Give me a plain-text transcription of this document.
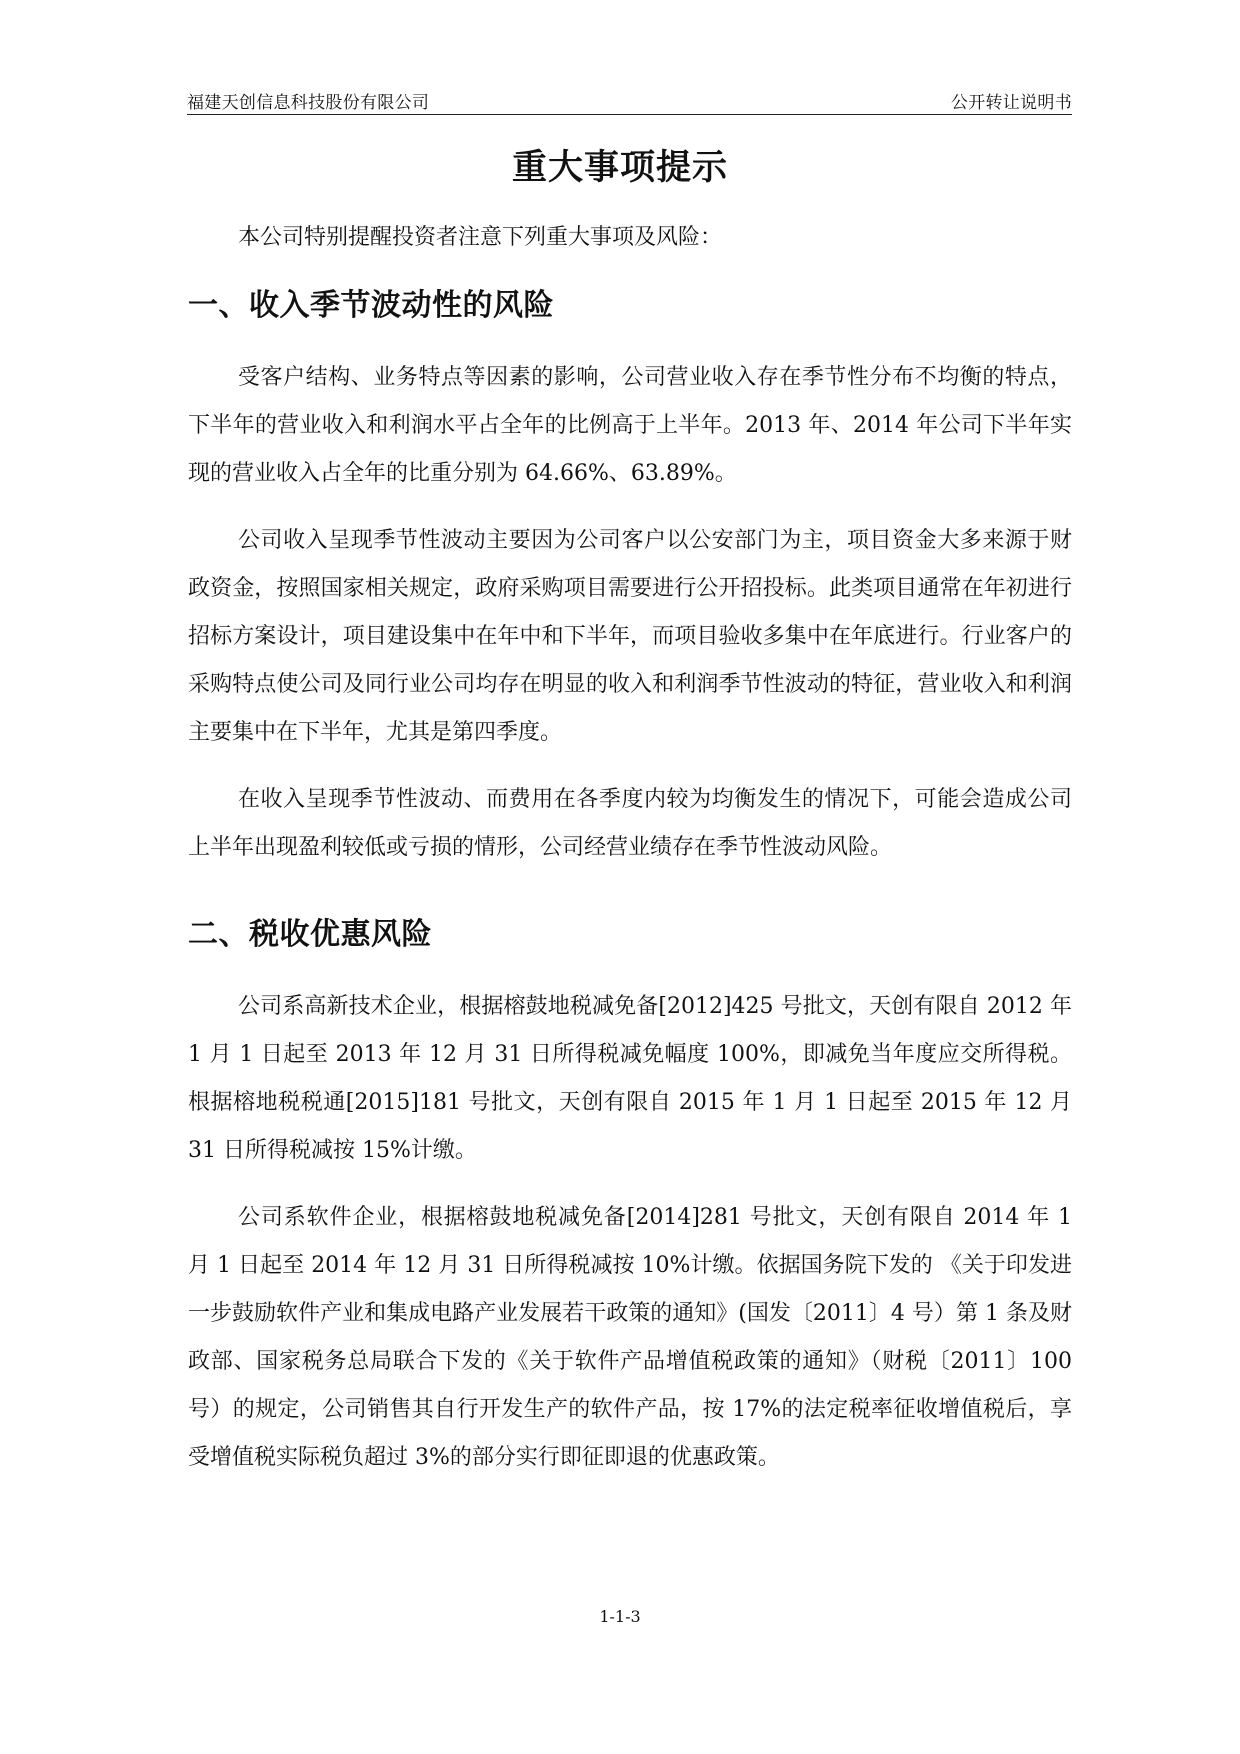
福建天创信息科技股份有限公司	公开转让说明书
重大事项提示

本公司特别提醒投资者注意下列重大事项及风险：

一、收入季节波动性的风险

受客户结构、业务特点等因素的影响，公司营业收入存在季节性分布不均衡的特点，下半年的营业收入和利润水平占全年的比例高于上半年。2013 年、2014 年公司下半年实现的营业收入占全年的比重分别为 64.66%、63.89%。

公司收入呈现季节性波动主要因为公司客户以公安部门为主，项目资金大多来源于财政资金，按照国家相关规定，政府采购项目需要进行公开招投标。此类项目通常在年初进行招标方案设计，项目建设集中在年中和下半年，而项目验收多集中在年底进行。行业客户的采购特点使公司及同行业公司均存在明显的收入和利润季节性波动的特征，营业收入和利润主要集中在下半年，尤其是第四季度。

在收入呈现季节性波动、而费用在各季度内较为均衡发生的情况下，可能会造成公司上半年出现盈利较低或亏损的情形，公司经营业绩存在季节性波动风险。

二、税收优惠风险

公司系高新技术企业，根据榕鼓地税减免备[2012]425 号批文，天创有限自 2012 年 1 月 1 日起至 2013 年 12 月 31 日所得税减免幅度 100%，即减免当年度应交所得税。根据榕地税税通[2015]181 号批文，天创有限自 2015 年 1 月 1 日起至 2015 年 12 月 31 日所得税减按 15%计缴。

公司系软件企业，根据榕鼓地税减免备[2014]281 号批文，天创有限自 2014 年 1 月 1 日起至 2014 年 12 月 31 日所得税减按 10%计缴。依据国务院下发的 《关于印发进一步鼓励软件产业和集成电路产业发展若干政策的通知》(国发〔2011〕4 号）第 1 条及财政部、国家税务总局联合下发的《关于软件产品增值税政策的通知》（财税〔2011〕100 号）的规定，公司销售其自行开发生产的软件产品，按 17%的法定税率征收增值税后，享受增值税实际税负超过 3%的部分实行即征即退的优惠政策。

1-1-3
